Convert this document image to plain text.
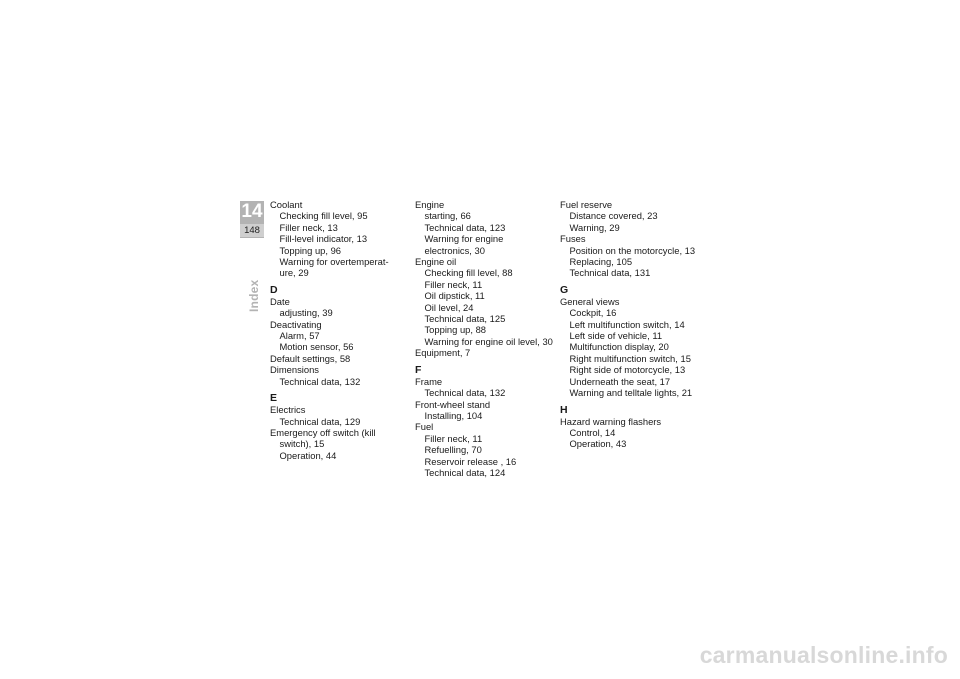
14
148
Index
Coolant
Checking fill level, 95
Filler neck, 13
Fill-level indicator, 13
Topping up, 96
Warning for overtemperat-
ure, 29
D
Date
adjusting, 39
Deactivating
Alarm, 57
Motion sensor, 56
Default settings, 58
Dimensions
Technical data, 132
E
Electrics
Technical data, 129
Emergency off switch (kill
switch), 15
Operation, 44
Engine
starting, 66
Technical data, 123
Warning for engine
electronics, 30
Engine oil
Checking fill level, 88
Filler neck, 11
Oil dipstick, 11
Oil level, 24
Technical data, 125
Topping up, 88
Warning for engine oil level, 30
Equipment, 7
F
Frame
Technical data, 132
Front-wheel stand
Installing, 104
Fuel
Filler neck, 11
Refuelling, 70
Reservoir release , 16
Technical data, 124
Fuel reserve
Distance covered, 23
Warning, 29
Fuses
Position on the motorcycle, 13
Replacing, 105
Technical data, 131
G
General views
Cockpit, 16
Left multifunction switch, 14
Left side of vehicle, 11
Multifunction display, 20
Right multifunction switch, 15
Right side of motorcycle, 13
Underneath the seat, 17
Warning and telltale lights, 21
H
Hazard warning flashers
Control, 14
Operation, 43
carmanualsonline.info
